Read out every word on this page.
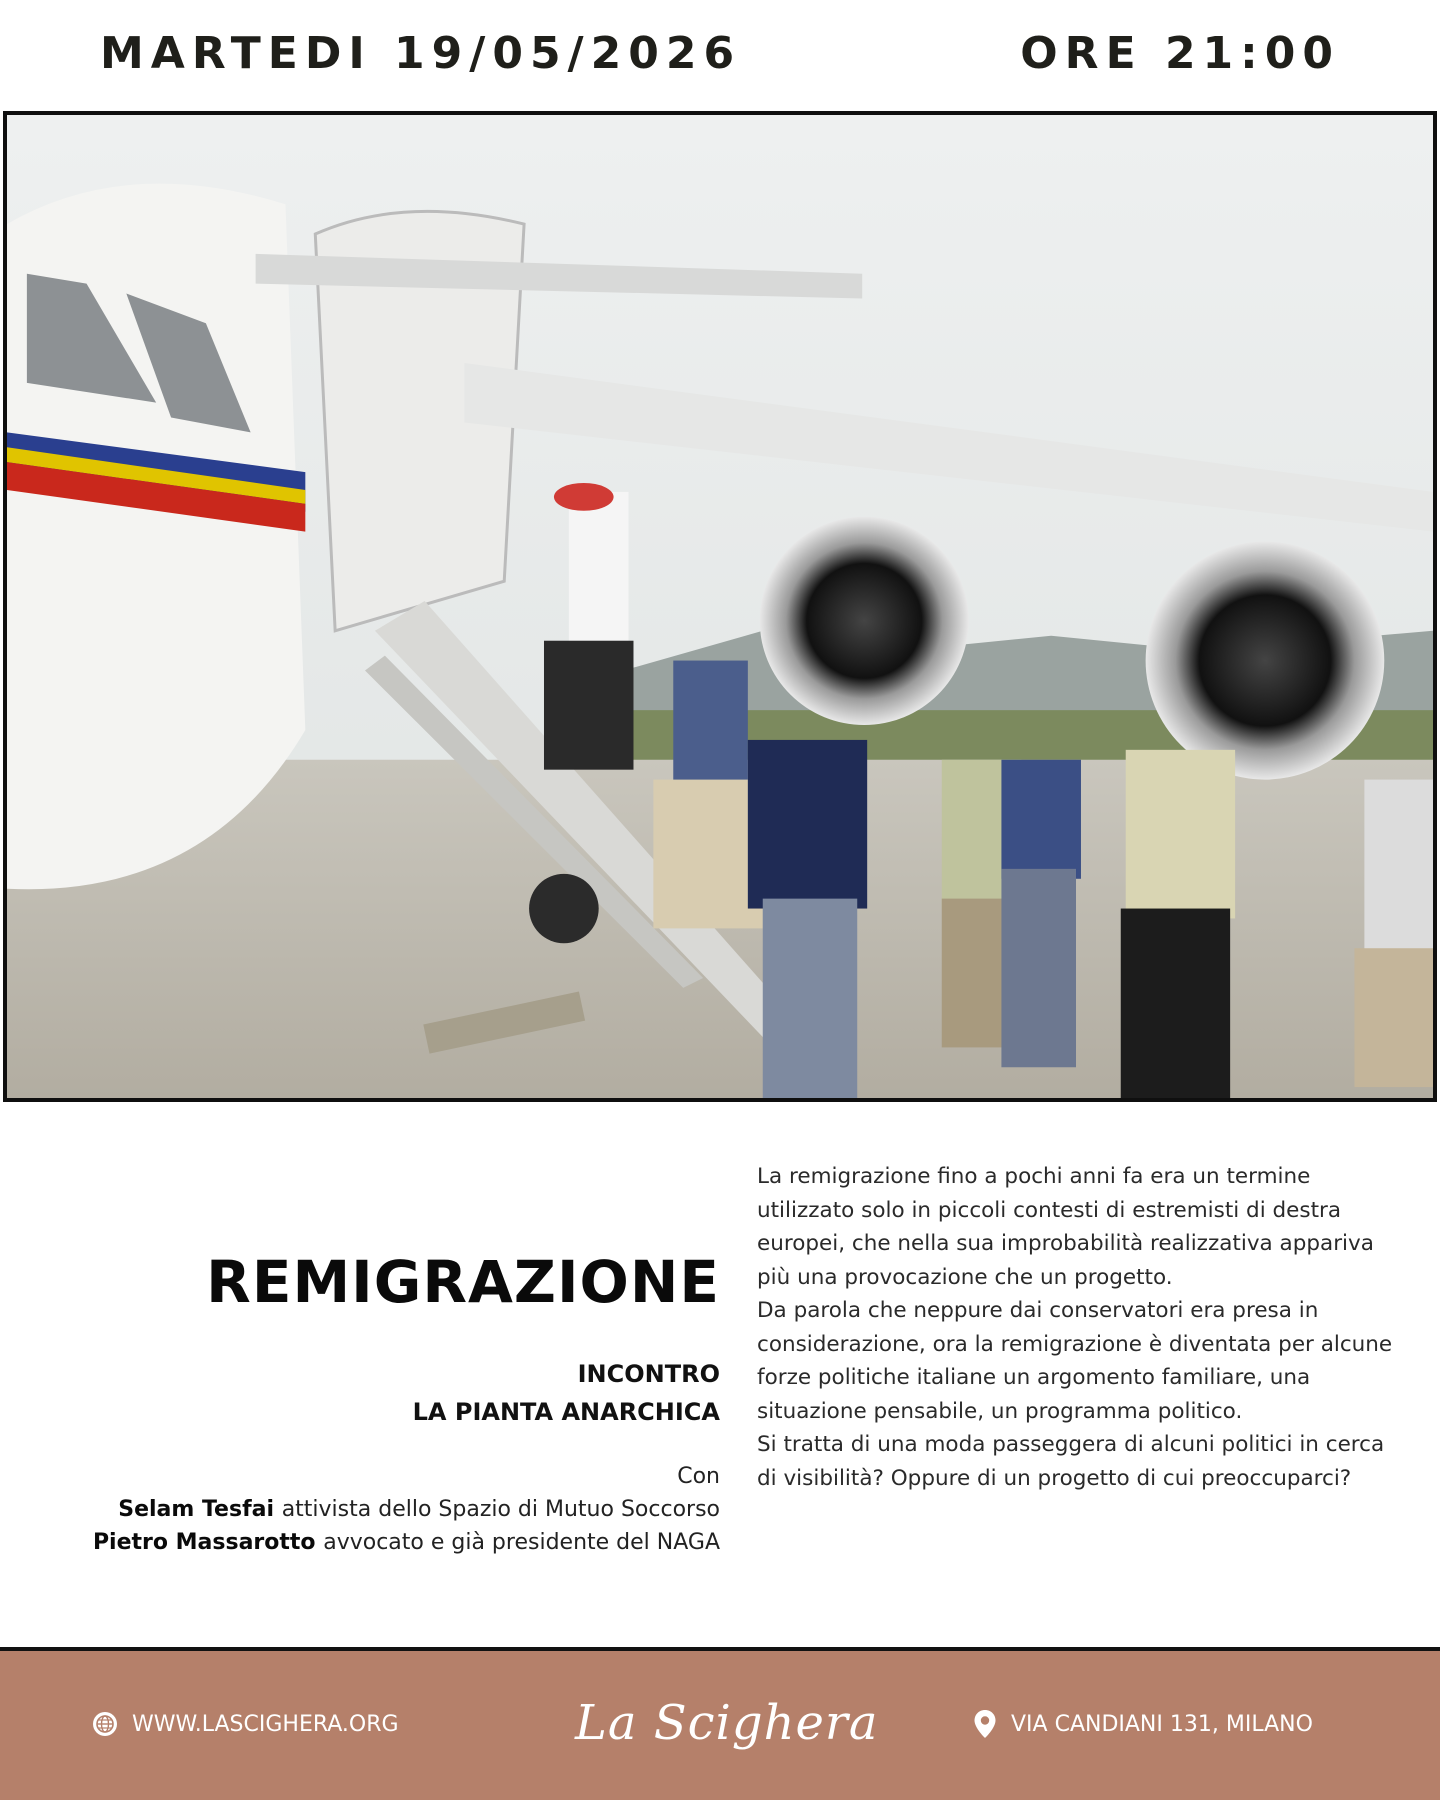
MARTEDI 19/05/2026	ORE 21:00
REMIGRAZIONE
INCONTRO
LA PIANTA ANARCHICA
Con
Selam Tesfai attivista dello Spazio di Mutuo Soccorso
Pietro Massarotto avvocato e già presidente del NAGA

La remigrazione fino a pochi anni fa era un termine utilizzato solo in piccoli contesti di estremisti di destra europei, che nella sua improbabilità realizzativa appariva più una provocazione che un progetto.

Da parola che neppure dai conservatori era presa in considerazione, ora la remigrazione è diventata per alcune forze politiche italiane un argomento familiare, una situazione pensabile, un programma politico.

Si tratta di una moda passeggera di alcuni politici in cerca di visibilità? Oppure di un progetto di cui preoccuparci?

WWW.LASCIGHERA.ORG	La Scighera	VIA CANDIANI 131, MILANO
